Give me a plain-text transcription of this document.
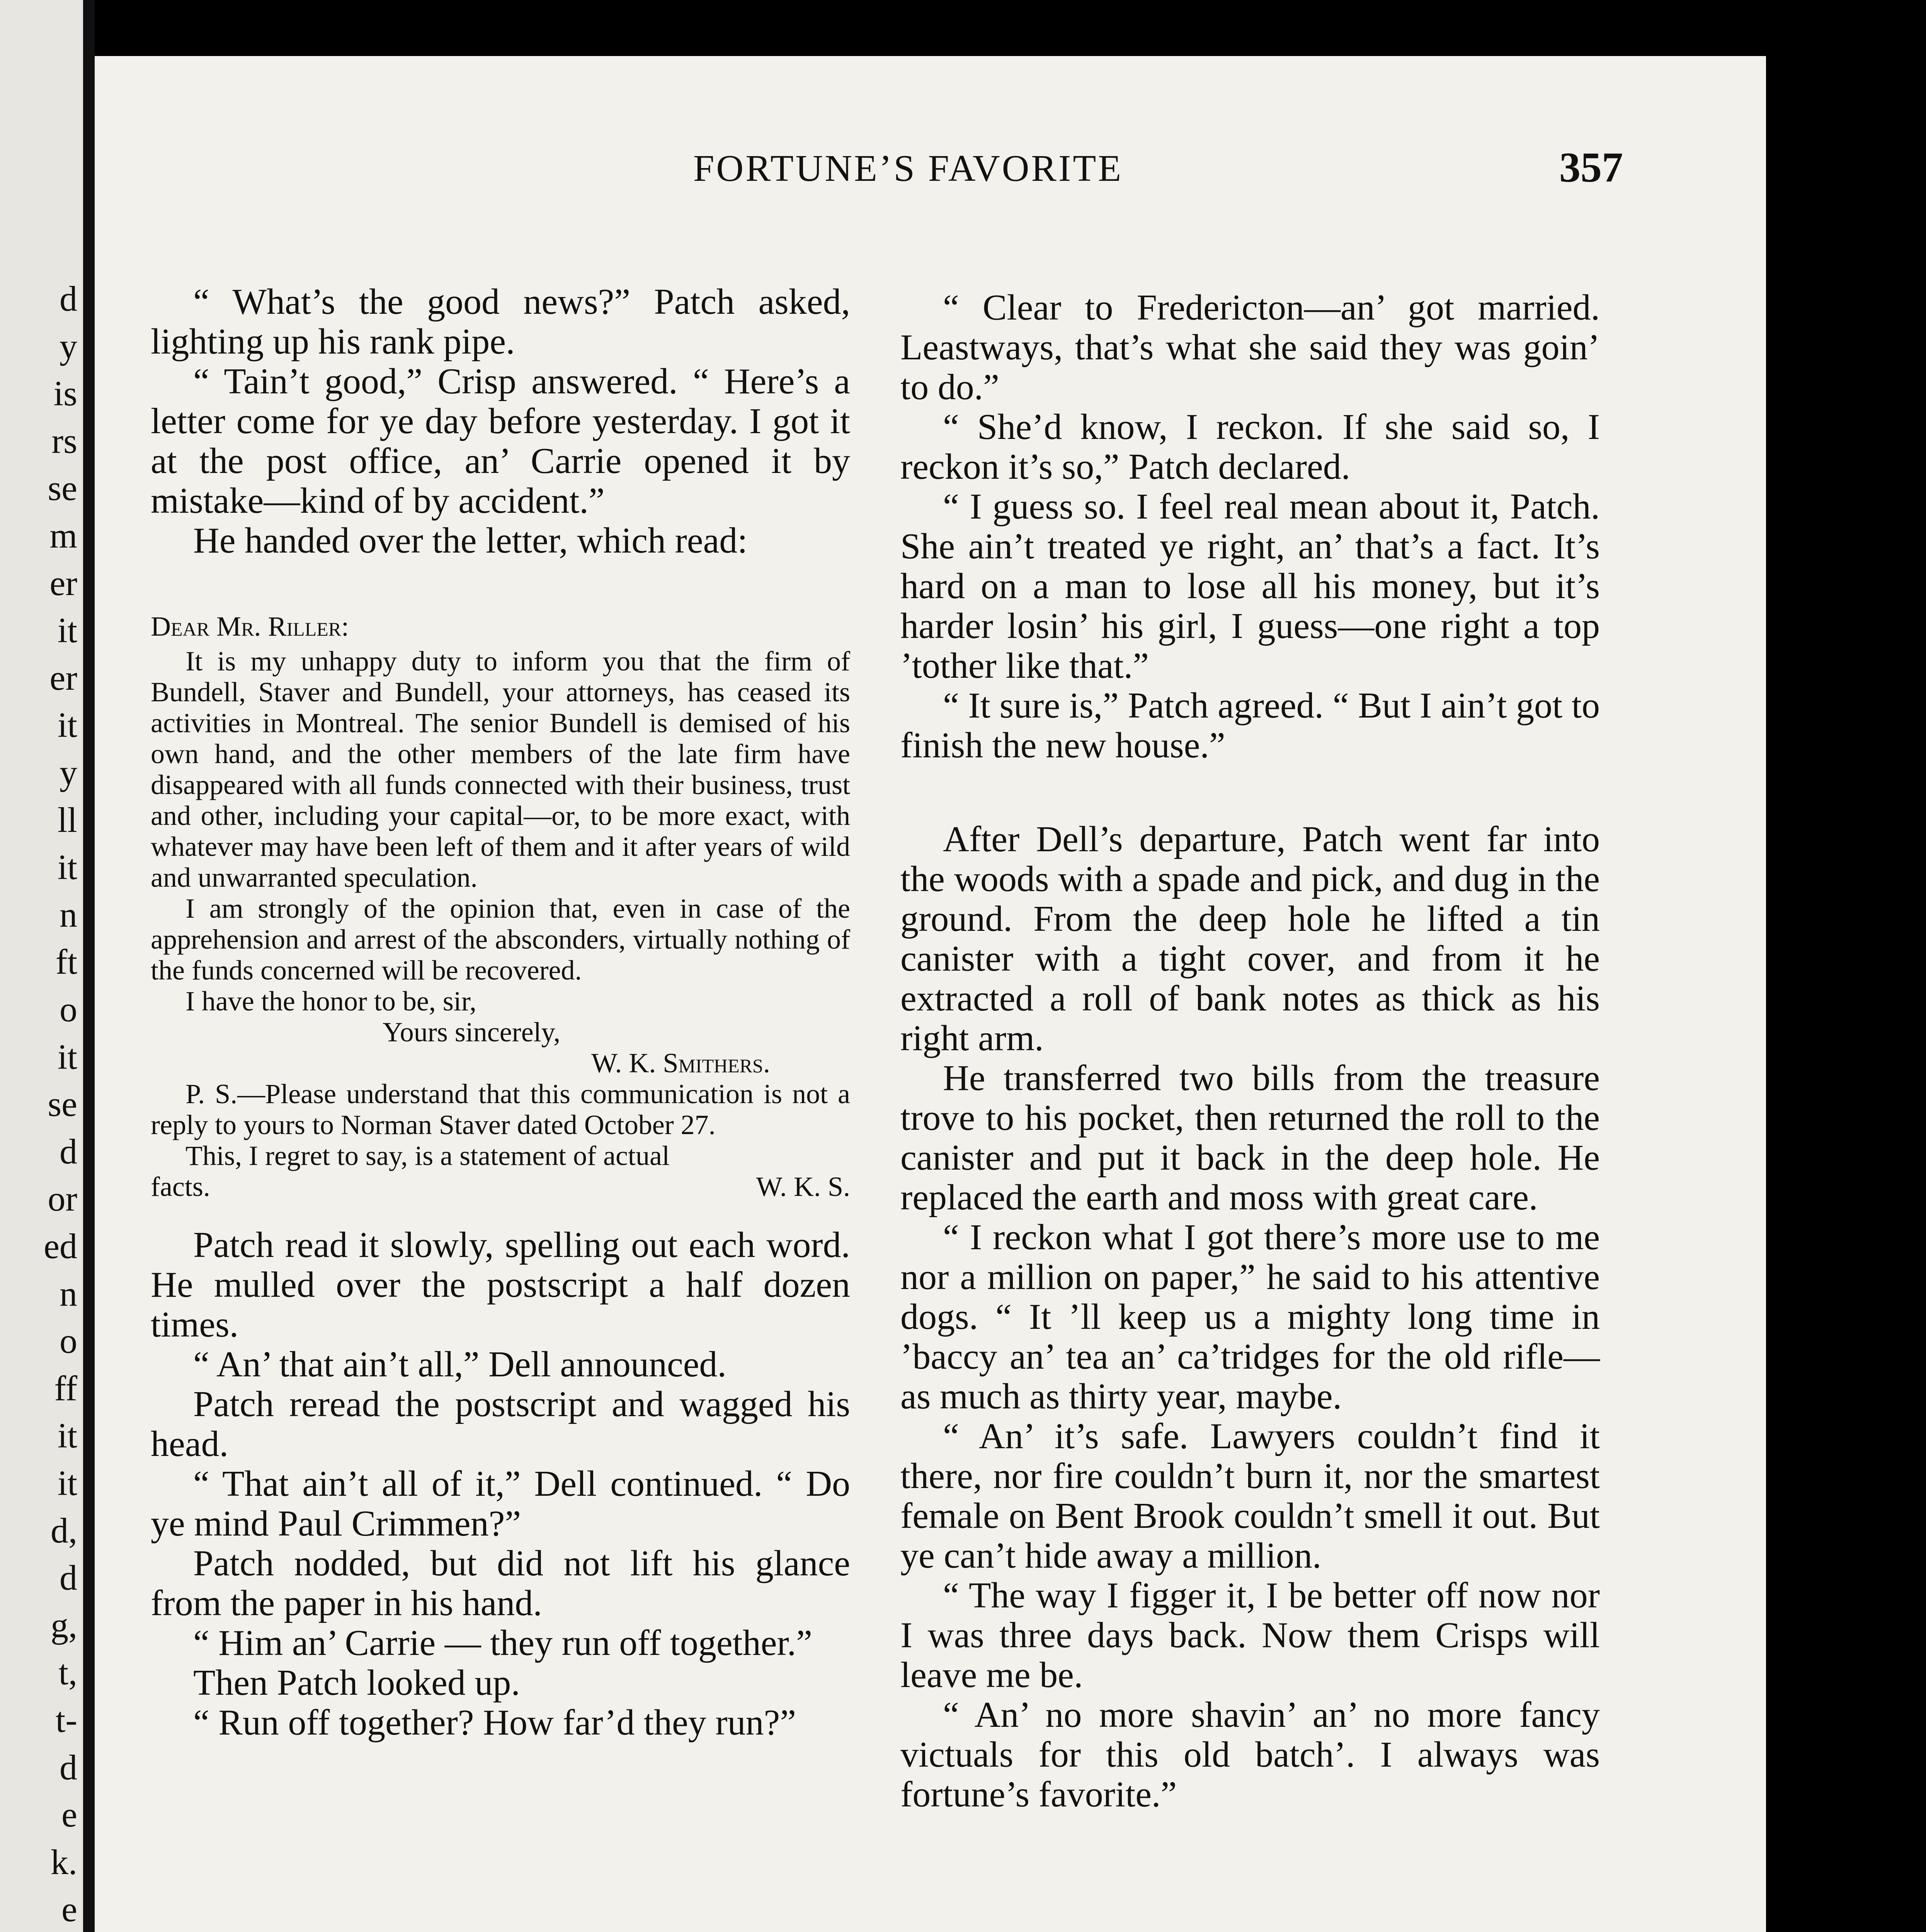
d
y
is
rs
se
m
er
it
er
it
y
ll
it
n
ft
o
it
se
d
or
ed
n
o
ff
it
it
d,
d
g,
t,
t-
d
e
k.
e
FORTUNE’S FAVORITE	357

“ What’s the good news?” Patch asked, lighting up his rank pipe.

“ Tain’t good,” Crisp answered. “ Here’s a letter come for ye day before yesterday. I got it at the post office, an’ Carrie opened it by mistake—kind of by accident.”

He handed over the letter, which read:

Dear Mr. Riller:

It is my unhappy duty to inform you that the firm of Bundell, Staver and Bundell, your attorneys, has ceased its activities in Montreal. The senior Bundell is demised of his own hand, and the other members of the late firm have disappeared with all funds connected with their business, trust and other, including your capital—or, to be more exact, with whatever may have been left of them and it after years of wild and unwarranted speculation.

I am strongly of the opinion that, even in case of the apprehension and arrest of the absconders, virtually nothing of the funds concerned will be recovered.

I have the honor to be, sir,

Yours sincerely,
W. K. Smithers.

P. S.—Please understand that this communication is not a reply to yours to Norman Staver dated October 27.

This, I regret to say, is a statement of actual

facts.	W. K. S.

Patch read it slowly, spelling out each word. He mulled over the postscript a half dozen times.

“ An’ that ain’t all,” Dell announced.

Patch reread the postscript and wagged his head.

“ That ain’t all of it,” Dell continued. “ Do ye mind Paul Crimmen?”

Patch nodded, but did not lift his glance from the paper in his hand.

“ Him an’ Carrie — they run off together.”

Then Patch looked up.

“ Run off together? How far’d they run?”

“ Clear to Fredericton—an’ got married. Leastways, that’s what she said they was goin’ to do.”

“ She’d know, I reckon. If she said so, I reckon it’s so,” Patch declared.

“ I guess so. I feel real mean about it, Patch. She ain’t treated ye right, an’ that’s a fact. It’s hard on a man to lose all his money, but it’s harder losin’ his girl, I guess—one right a top ’tother like that.”

“ It sure is,” Patch agreed. “ But I ain’t got to finish the new house.”

After Dell’s departure, Patch went far into the woods with a spade and pick, and dug in the ground. From the deep hole he lifted a tin canister with a tight cover, and from it he extracted a roll of bank notes as thick as his right arm.

He transferred two bills from the treasure trove to his pocket, then returned the roll to the canister and put it back in the deep hole. He replaced the earth and moss with great care.

“ I reckon what I got there’s more use to me nor a million on paper,” he said to his attentive dogs. “ It ’ll keep us a mighty long time in ’baccy an’ tea an’ ca’tridges for the old rifle—as much as thirty year, maybe.

“ An’ it’s safe. Lawyers couldn’t find it there, nor fire couldn’t burn it, nor the smartest female on Bent Brook couldn’t smell it out. But ye can’t hide away a million.

“ The way I figger it, I be better off now nor I was three days back. Now them Crisps will leave me be.

“ An’ no more shavin’ an’ no more fancy victuals for this old batch’. I always was fortune’s favorite.”
